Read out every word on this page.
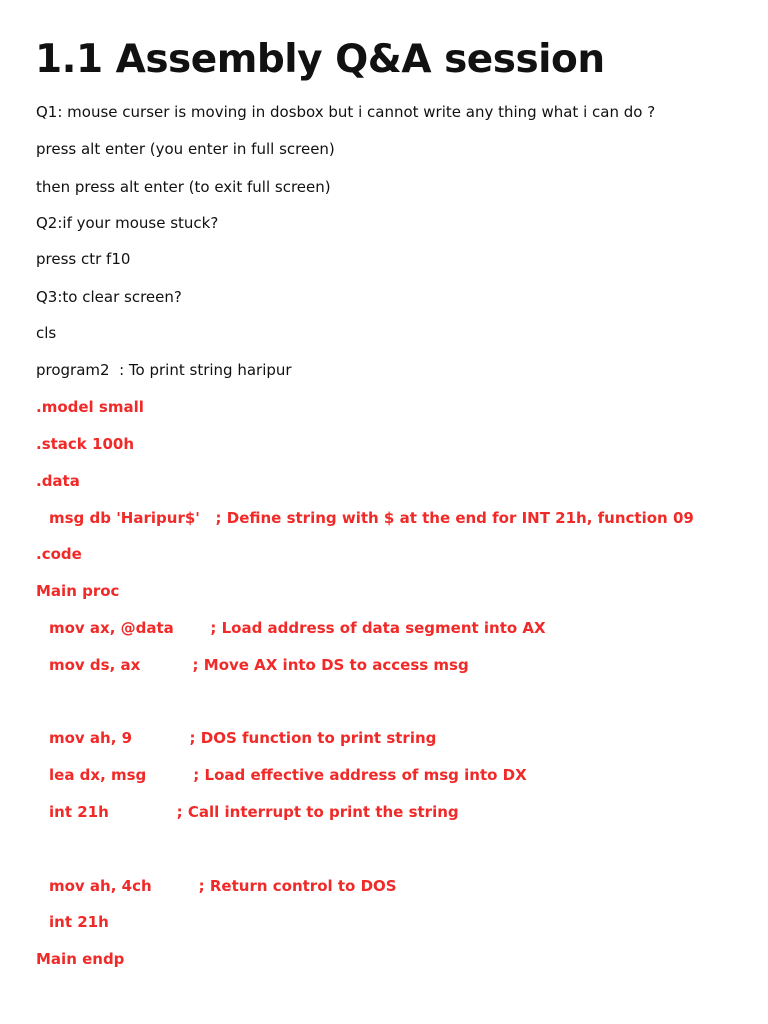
1.1 Assembly Q&A session
Q1: mouse curser is moving in dosbox but i cannot write any thing what i can do ?
press alt enter (you enter in full screen)
then press alt enter (to exit full screen)
Q2:if your mouse stuck?
press ctr f10
Q3:to clear screen?
cls
program2  : To print string haripur
.model small
.stack 100h
.data
msg db 'Haripur$'   ; Define string with $ at the end for INT 21h, function 09
.code
Main proc
mov ax, @data       ; Load address of data segment into AX
mov ds, ax          ; Move AX into DS to access msg
mov ah, 9           ; DOS function to print string
lea dx, msg         ; Load effective address of msg into DX
int 21h             ; Call interrupt to print the string
mov ah, 4ch         ; Return control to DOS
int 21h
Main endp
